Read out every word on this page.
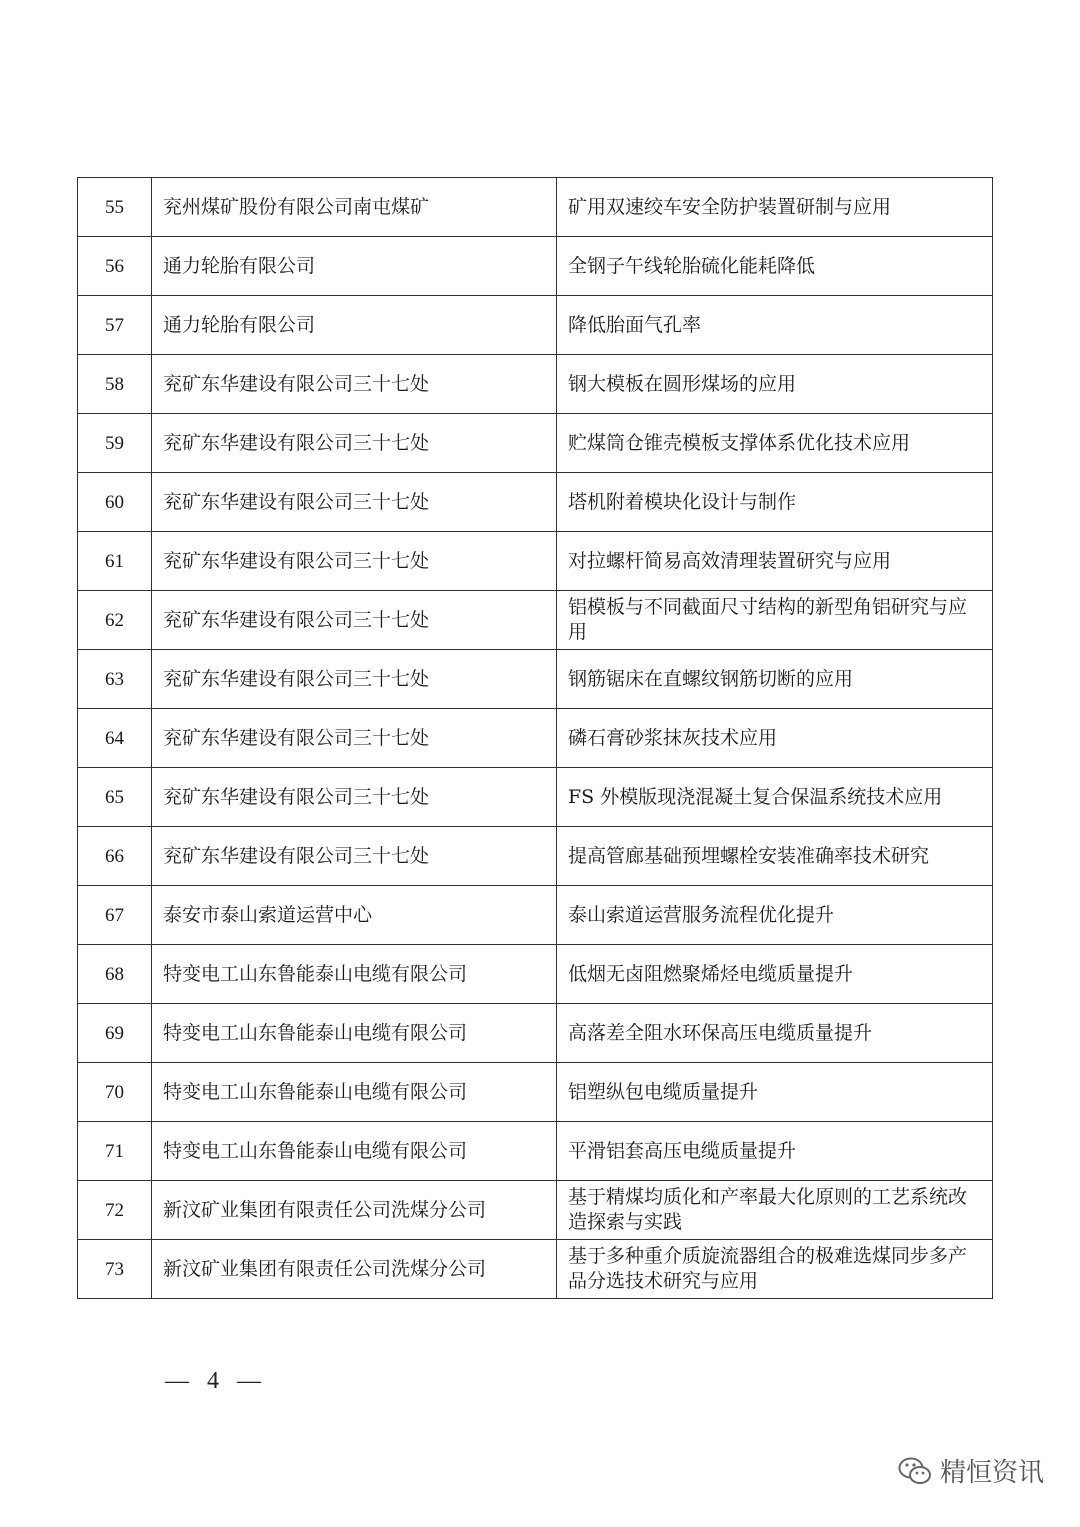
55	兖州煤矿股份有限公司南屯煤矿	矿用双速绞车安全防护装置研制与应用
56	通力轮胎有限公司	全钢子午线轮胎硫化能耗降低
57	通力轮胎有限公司	降低胎面气孔率
58	兖矿东华建设有限公司三十七处	钢大模板在圆形煤场的应用
59	兖矿东华建设有限公司三十七处	贮煤筒仓锥壳模板支撑体系优化技术应用
60	兖矿东华建设有限公司三十七处	塔机附着模块化设计与制作
61	兖矿东华建设有限公司三十七处	对拉螺杆简易高效清理装置研究与应用
62	兖矿东华建设有限公司三十七处	铝模板与不同截面尺寸结构的新型角铝研究与应用
63	兖矿东华建设有限公司三十七处	钢筋锯床在直螺纹钢筋切断的应用
64	兖矿东华建设有限公司三十七处	磷石膏砂浆抹灰技术应用
65	兖矿东华建设有限公司三十七处	FS 外模版现浇混凝土复合保温系统技术应用
66	兖矿东华建设有限公司三十七处	提高管廊基础预埋螺栓安装准确率技术研究
67	泰安市泰山索道运营中心	泰山索道运营服务流程优化提升
68	特变电工山东鲁能泰山电缆有限公司	低烟无卤阻燃聚烯烃电缆质量提升
69	特变电工山东鲁能泰山电缆有限公司	高落差全阻水环保高压电缆质量提升
70	特变电工山东鲁能泰山电缆有限公司	铝塑纵包电缆质量提升
71	特变电工山东鲁能泰山电缆有限公司	平滑铝套高压电缆质量提升
72	新汶矿业集团有限责任公司洗煤分公司	基于精煤均质化和产率最大化原则的工艺系统改造探索与实践
73	新汶矿业集团有限责任公司洗煤分公司	基于多种重介质旋流器组合的极难选煤同步多产品分选技术研究与应用
— 4 —
精恒资讯
